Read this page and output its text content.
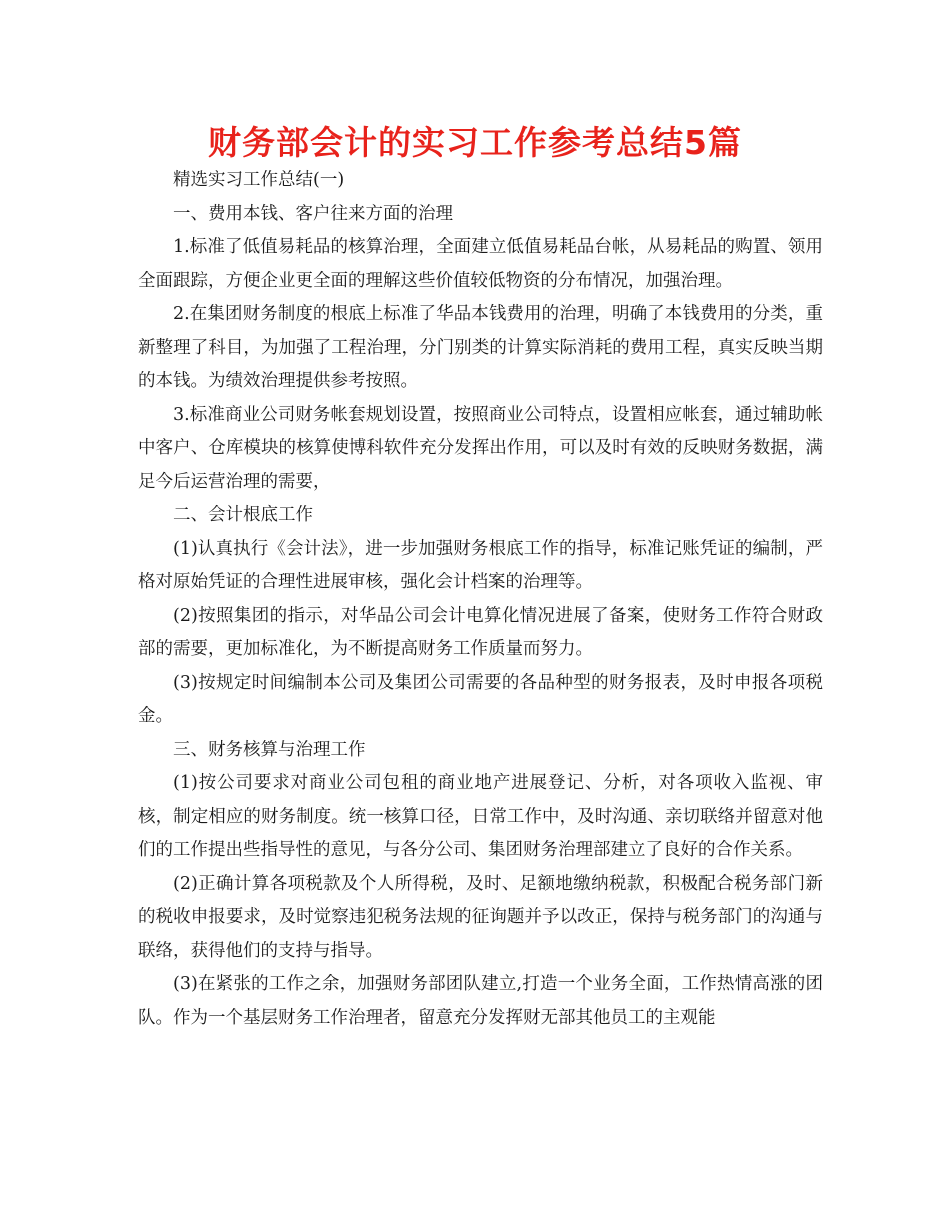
财务部会计的实习工作参考总结5篇

精选实习工作总结(一)

一、费用本钱、客户往来方面的治理

1.标准了低值易耗品的核算治理，全面建立低值易耗品台帐，从易耗品的购置、领用全面跟踪，方便企业更全面的理解这些价值较低物资的分布情况，加强治理。

2.在集团财务制度的根底上标准了华品本钱费用的治理，明确了本钱费用的分类，重新整理了科目，为加强了工程治理，分门别类的计算实际消耗的费用工程，真实反映当期的本钱。为绩效治理提供参考按照。

3.标准商业公司财务帐套规划设置，按照商业公司特点，设置相应帐套，通过辅助帐中客户、仓库模块的核算使博科软件充分发挥出作用，可以及时有效的反映财务数据，满足今后运营治理的需要，

二、会计根底工作

(1)认真执行《会计法》，进一步加强财务根底工作的指导，标准记账凭证的编制，严格对原始凭证的合理性进展审核，强化会计档案的治理等。

(2)按照集团的指示，对华品公司会计电算化情况进展了备案，使财务工作符合财政部的需要，更加标准化，为不断提高财务工作质量而努力。

(3)按规定时间编制本公司及集团公司需要的各品种型的财务报表，及时申报各项税金。

三、财务核算与治理工作

(1)按公司要求对商业公司包租的商业地产进展登记、分析，对各项收入监视、审核，制定相应的财务制度。统一核算口径，日常工作中，及时沟通、亲切联络并留意对他们的工作提出些指导性的意见，与各分公司、集团财务治理部建立了良好的合作关系。

(2)正确计算各项税款及个人所得税，及时、足额地缴纳税款，积极配合税务部门新的税收申报要求，及时觉察违犯税务法规的征询题并予以改正，保持与税务部门的沟通与联络，获得他们的支持与指导。

(3)在紧张的工作之余，加强财务部团队建立,打造一个业务全面，工作热情高涨的团队。作为一个基层财务工作治理者，留意充分发挥财无部其他员工的主观能
